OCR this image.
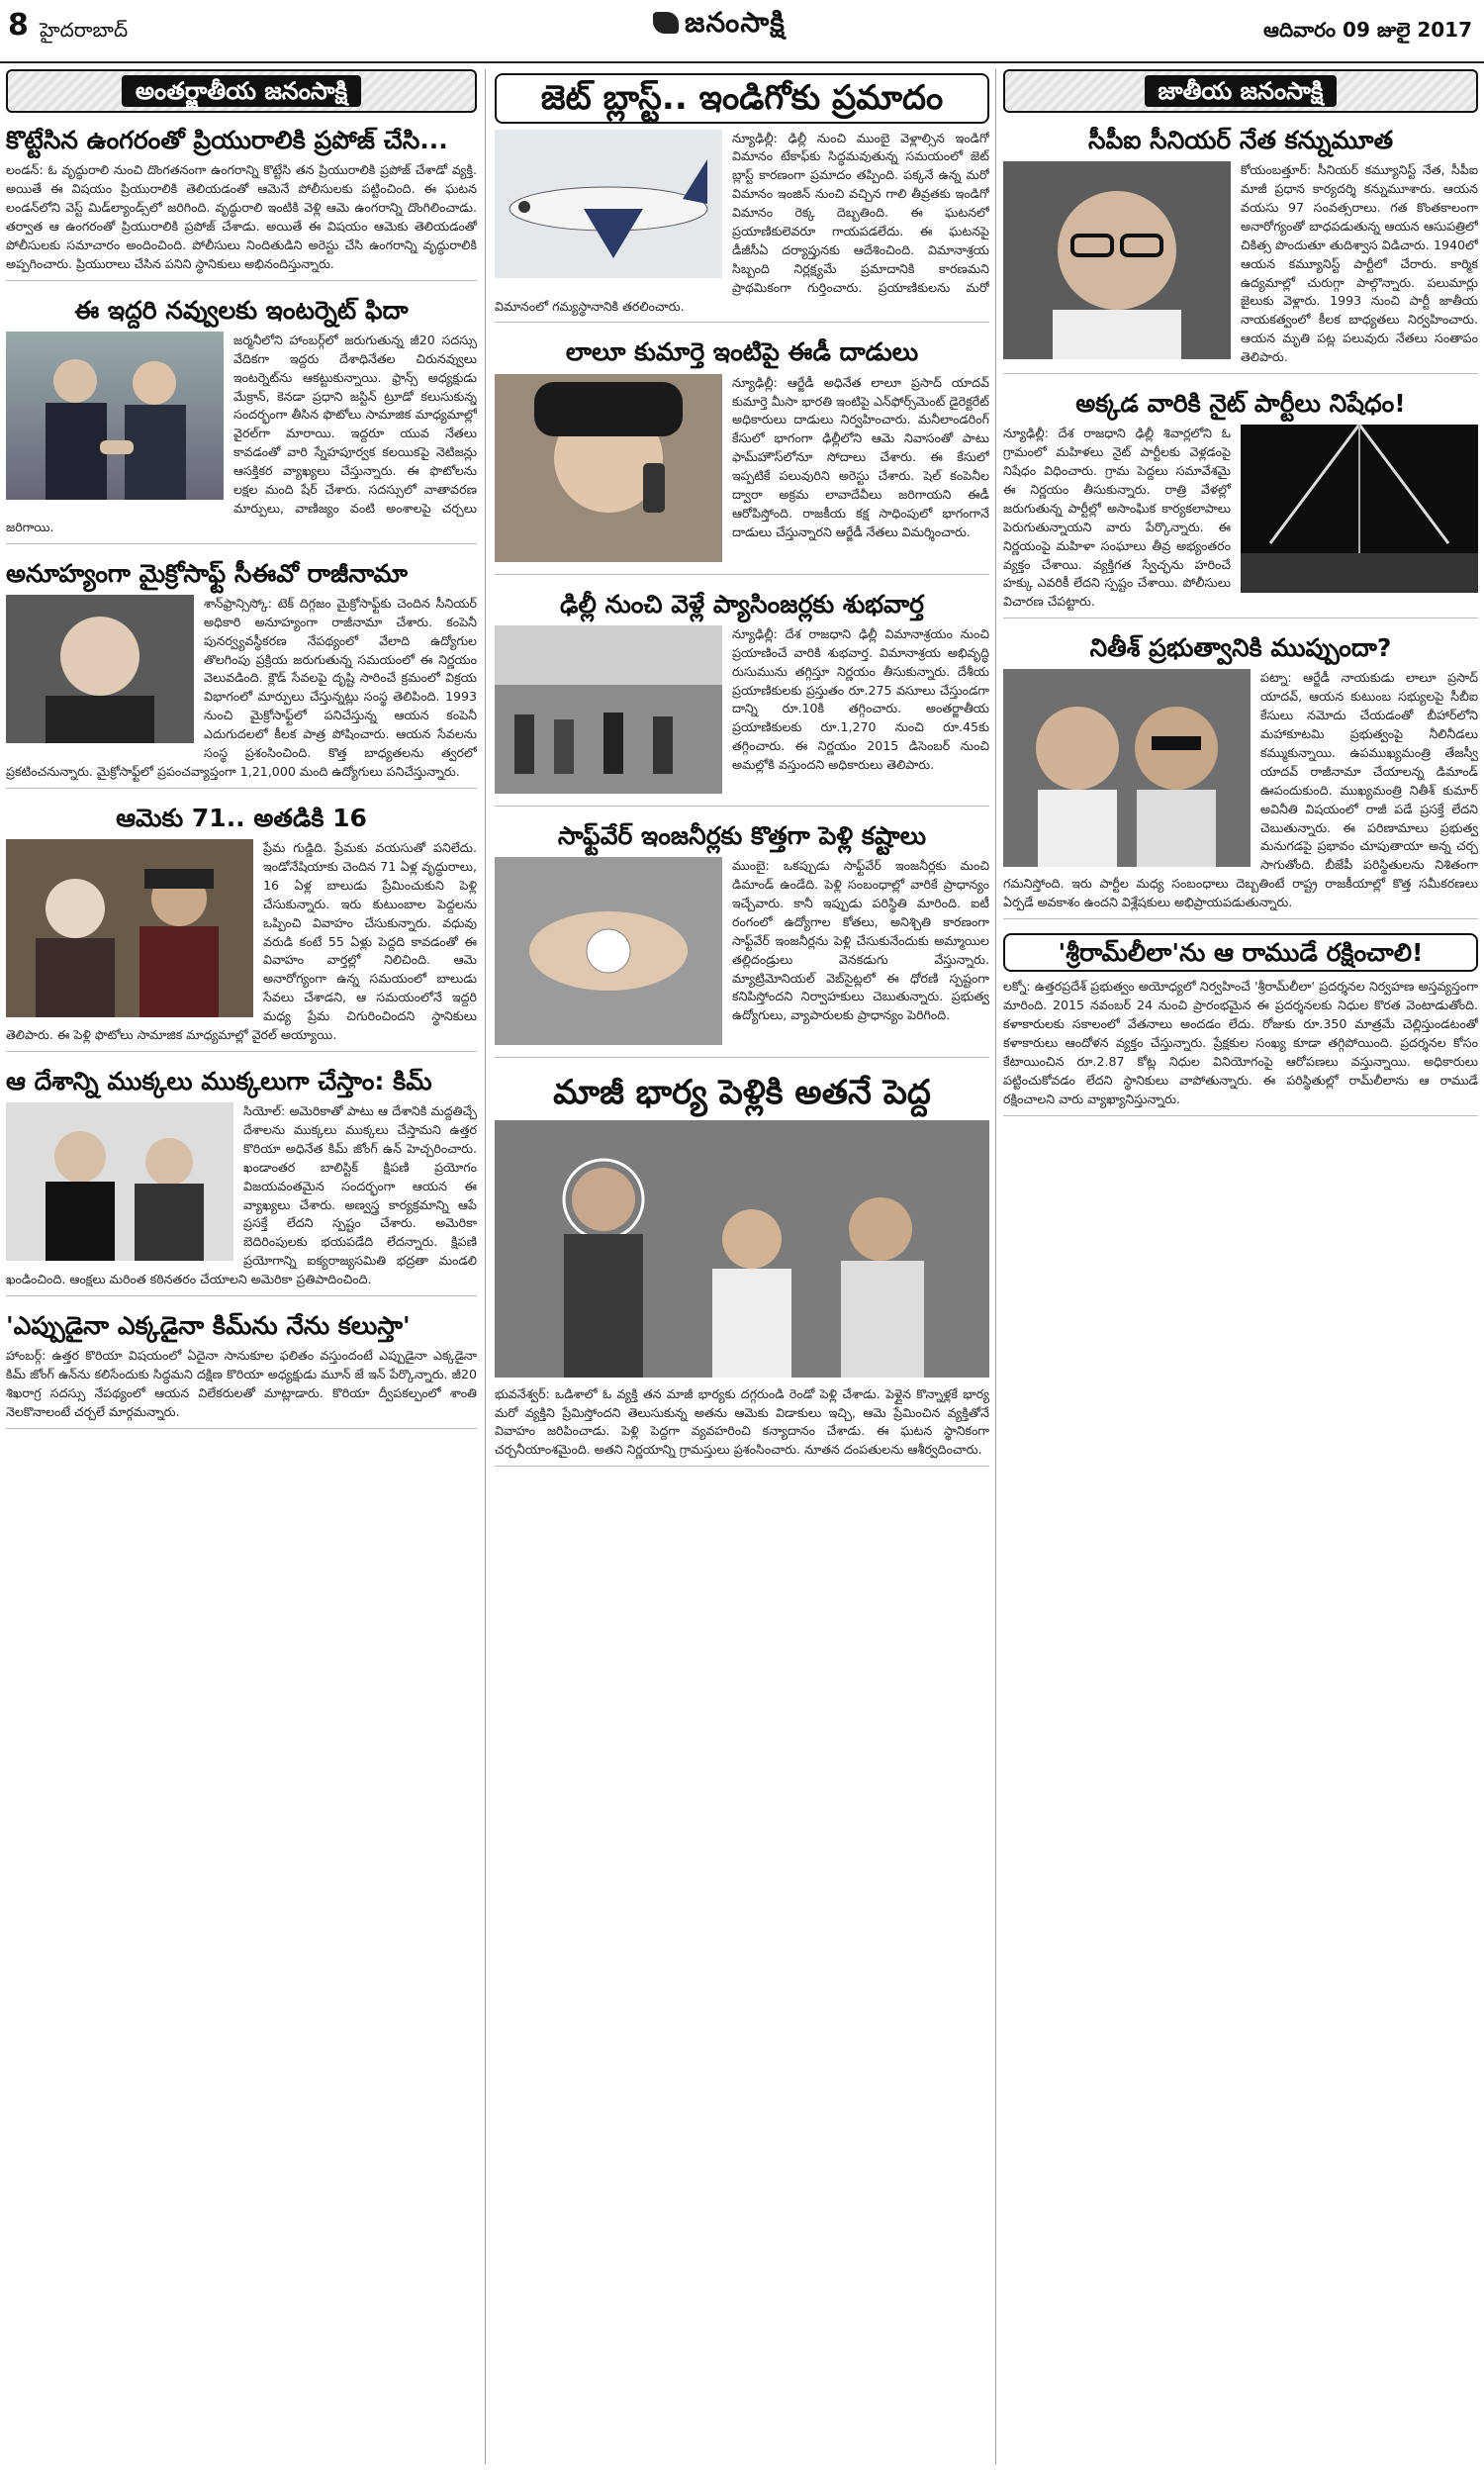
8 హైదరాబాద్	జనంసాక్షి	ఆదివారం 09 జులై 2017
అంతర్జాతీయ జనంసాక్షి
కొట్టేసిన ఉంగరంతో ప్రియురాలికి ప్రపోజ్‌ చేసి...
లండన్‌: ఓ వృద్ధురాలి నుంచి దొంగతనంగా ఉంగరాన్ని కొట్టేసి తన ప్రియురాలికి ప్రపోజ్‌ చేశాడో వ్యక్తి. అయితే ఈ విషయం ప్రియురాలికి తెలియడంతో ఆమెనే పోలీసులకు పట్టించింది. ఈ ఘటన లండన్‌లోని వెస్ట్‌ మిడ్‌ల్యాండ్స్‌లో జరిగింది. వృద్ధురాలి ఇంటికి వెళ్లి ఆమె ఉంగరాన్ని దొంగిలించాడు. తర్వాత ఆ ఉంగరంతో ప్రియురాలికి ప్రపోజ్‌ చేశాడు. అయితే ఈ విషయం ఆమెకు తెలియడంతో పోలీసులకు సమాచారం అందించింది. పోలీసులు నిందితుడిని అరెస్టు చేసి ఉంగరాన్ని వృద్ధురాలికి అప్పగించారు. ప్రియురాలు చేసిన పనిని స్థానికులు అభినందిస్తున్నారు.
ఈ ఇద్దరి నవ్వులకు ఇంటర్నెట్‌ ఫిదా
జర్మనీలోని హాంబర్గ్‌లో జరుగుతున్న జీ20 సదస్సు వేదికగా ఇద్దరు దేశాధినేతల చిరునవ్వులు ఇంటర్నెట్‌ను ఆకట్టుకున్నాయి. ఫ్రాన్స్‌ అధ్యక్షుడు మేక్రాన్‌, కెనడా ప్రధాని జస్టిన్‌ ట్రూడో కలుసుకున్న సందర్భంగా తీసిన ఫొటోలు సామాజిక మాధ్యమాల్లో వైరల్‌గా మారాయి. ఇద్దరూ యువ నేతలు కావడంతో వారి స్నేహపూర్వక కలయికపై నెటిజన్లు ఆసక్తికర వ్యాఖ్యలు చేస్తున్నారు. ఈ ఫొటోలను లక్షల మంది షేర్‌ చేశారు. సదస్సులో వాతావరణ మార్పులు, వాణిజ్యం వంటి అంశాలపై చర్చలు జరిగాయి.
అనూహ్యంగా మైక్రోసాఫ్ట్‌ సీఈవో రాజీనామా
శాన్‌ఫ్రాన్సిస్కో: టెక్‌ దిగ్గజం మైక్రోసాఫ్ట్‌కు చెందిన సీనియర్‌ అధికారి అనూహ్యంగా రాజీనామా చేశారు. కంపెనీ పునర్వ్యవస్థీకరణ నేపథ్యంలో వేలాది ఉద్యోగుల తొలగింపు ప్రక్రియ జరుగుతున్న సమయంలో ఈ నిర్ణయం వెలువడింది. క్లౌడ్‌ సేవలపై దృష్టి సారించే క్రమంలో విక్రయ విభాగంలో మార్పులు చేస్తున్నట్లు సంస్థ తెలిపింది. 1993 నుంచి మైక్రోసాఫ్ట్‌లో పనిచేస్తున్న ఆయన కంపెనీ ఎదుగుదలలో కీలక పాత్ర పోషించారు. ఆయన సేవలను సంస్థ ప్రశంసించింది. కొత్త బాధ్యతలను త్వరలో ప్రకటించనున్నారు. మైక్రోసాఫ్ట్‌లో ప్రపంచవ్యాప్తంగా 1,21,000 మంది ఉద్యోగులు పనిచేస్తున్నారు.
ఆమెకు 71.. అతడికి 16
ప్రేమ గుడ్డిది. ప్రేమకు వయసుతో పనిలేదు. ఇండోనేషియాకు చెందిన 71 ఏళ్ల వృద్ధురాలు, 16 ఏళ్ల బాలుడు ప్రేమించుకుని పెళ్లి చేసుకున్నారు. ఇరు కుటుంబాల పెద్దలను ఒప్పించి వివాహం చేసుకున్నారు. వధువు వరుడి కంటే 55 ఏళ్లు పెద్దది కావడంతో ఈ వివాహం వార్తల్లో నిలిచింది. ఆమె అనారోగ్యంగా ఉన్న సమయంలో బాలుడు సేవలు చేశాడని, ఆ సమయంలోనే ఇద్దరి మధ్య ప్రేమ చిగురించిందని స్థానికులు తెలిపారు. ఈ పెళ్లి ఫొటోలు సామాజిక మాధ్యమాల్లో వైరల్‌ అయ్యాయి.
ఆ దేశాన్ని ముక్కలు ముక్కలుగా చేస్తాం: కిమ్‌
సియోల్‌: అమెరికాతో పాటు ఆ దేశానికి మద్దతిచ్చే దేశాలను ముక్కలు ముక్కలు చేస్తామని ఉత్తర కొరియా అధినేత కిమ్‌ జోంగ్‌ ఉన్‌ హెచ్చరించారు. ఖండాంతర బాలిస్టిక్‌ క్షిపణి ప్రయోగం విజయవంతమైన సందర్భంగా ఆయన ఈ వ్యాఖ్యలు చేశారు. అణ్వస్త్ర కార్యక్రమాన్ని ఆపే ప్రసక్తే లేదని స్పష్టం చేశారు. అమెరికా బెదిరింపులకు భయపడేది లేదన్నారు. క్షిపణి ప్రయోగాన్ని ఐక్యరాజ్యసమితి భద్రతా మండలి ఖండించింది. ఆంక్షలు మరింత కఠినతరం చేయాలని అమెరికా ప్రతిపాదించింది.
'ఎప్పుడైనా ఎక్కడైనా కిమ్‌ను నేను కలుస్తా'
హాంబర్గ్‌: ఉత్తర కొరియా విషయంలో ఏదైనా సానుకూల ఫలితం వస్తుందంటే ఎప్పుడైనా ఎక్కడైనా కిమ్‌ జోంగ్‌ ఉన్‌ను కలిసేందుకు సిద్ధమని దక్షిణ కొరియా అధ్యక్షుడు మూన్‌ జే ఇన్‌ పేర్కొన్నారు. జీ20 శిఖరాగ్ర సదస్సు నేపథ్యంలో ఆయన విలేకరులతో మాట్లాడారు. కొరియా ద్వీపకల్పంలో శాంతి నెలకొనాలంటే చర్చలే మార్గమన్నారు.
జెట్‌ బ్లాస్ట్‌.. ఇండిగోకు ప్రమాదం
న్యూఢిల్లీ: ఢిల్లీ నుంచి ముంబై వెళ్లాల్సిన ఇండిగో విమానం టేకాఫ్‌కు సిద్ధమవుతున్న సమయంలో జెట్‌ బ్లాస్ట్‌ కారణంగా ప్రమాదం తప్పింది. పక్కనే ఉన్న మరో విమానం ఇంజిన్‌ నుంచి వచ్చిన గాలి తీవ్రతకు ఇండిగో విమానం రెక్క దెబ్బతింది. ఈ ఘటనలో ప్రయాణికులెవరూ గాయపడలేదు. ఈ ఘటనపై డీజీసీఏ దర్యాప్తునకు ఆదేశించింది. విమానాశ్రయ సిబ్బంది నిర్లక్ష్యమే ప్రమాదానికి కారణమని ప్రాథమికంగా గుర్తించారు. ప్రయాణికులను మరో విమానంలో గమ్యస్థానానికి తరలించారు.
లాలూ కుమార్తె ఇంటిపై ఈడీ దాడులు
న్యూఢిల్లీ: ఆర్జేడీ అధినేత లాలూ ప్రసాద్‌ యాదవ్‌ కుమార్తె మీసా భారతి ఇంటిపై ఎన్‌ఫోర్స్‌మెంట్‌ డైరెక్టరేట్‌ అధికారులు దాడులు నిర్వహించారు. మనీలాండరింగ్‌ కేసులో భాగంగా ఢిల్లీలోని ఆమె నివాసంతో పాటు ఫామ్‌హౌస్‌లోనూ సోదాలు చేశారు. ఈ కేసులో ఇప్పటికే పలువురిని అరెస్టు చేశారు. షెల్‌ కంపెనీల ద్వారా అక్రమ లావాదేవీలు జరిగాయని ఈడీ ఆరోపిస్తోంది. రాజకీయ కక్ష సాధింపులో భాగంగానే దాడులు చేస్తున్నారని ఆర్జేడీ నేతలు విమర్శించారు.
ఢిల్లీ నుంచి వెళ్లే ప్యాసింజర్లకు శుభవార్త
న్యూఢిల్లీ: దేశ రాజధాని ఢిల్లీ విమానాశ్రయం నుంచి ప్రయాణించే వారికి శుభవార్త. విమానాశ్రయ అభివృద్ధి రుసుమును తగ్గిస్తూ నిర్ణయం తీసుకున్నారు. దేశీయ ప్రయాణికులకు ప్రస్తుతం రూ.275 వసూలు చేస్తుండగా దాన్ని రూ.10కి తగ్గించారు. అంతర్జాతీయ ప్రయాణికులకు రూ.1,270 నుంచి రూ.45కు తగ్గించారు. ఈ నిర్ణయం 2015 డిసెంబర్‌ నుంచి అమల్లోకి వస్తుందని అధికారులు తెలిపారు.
సాఫ్ట్‌వేర్‌ ఇంజనీర్లకు కొత్తగా పెళ్లి కష్టాలు
ముంబై: ఒకప్పుడు సాఫ్ట్‌వేర్‌ ఇంజనీర్లకు మంచి డిమాండ్‌ ఉండేది. పెళ్లి సంబంధాల్లో వారికే ప్రాధాన్యం ఇచ్చేవారు. కానీ ఇప్పుడు పరిస్థితి మారింది. ఐటీ రంగంలో ఉద్యోగాల కోతలు, అనిశ్చితి కారణంగా సాఫ్ట్‌వేర్‌ ఇంజనీర్లను పెళ్లి చేసుకునేందుకు అమ్మాయిల తల్లిదండ్రులు వెనకడుగు వేస్తున్నారు. మ్యాట్రిమోనియల్‌ వెబ్‌సైట్లలో ఈ ధోరణి స్పష్టంగా కనిపిస్తోందని నిర్వాహకులు చెబుతున్నారు. ప్రభుత్వ ఉద్యోగులు, వ్యాపారులకు ప్రాధాన్యం పెరిగింది.
మాజీ భార్య పెళ్లికి అతనే పెద్ద
భువనేశ్వర్‌: ఒడిశాలో ఓ వ్యక్తి తన మాజీ భార్యకు దగ్గరుండి రెండో పెళ్లి చేశాడు. పెళ్లైన కొన్నాళ్లకే భార్య మరో వ్యక్తిని ప్రేమిస్తోందని తెలుసుకున్న అతను ఆమెకు విడాకులు ఇచ్చి, ఆమె ప్రేమించిన వ్యక్తితోనే వివాహం జరిపించాడు. పెళ్లి పెద్దగా వ్యవహరించి కన్యాదానం చేశాడు. ఈ ఘటన స్థానికంగా చర్చనీయాంశమైంది. అతని నిర్ణయాన్ని గ్రామస్తులు ప్రశంసించారు. నూతన దంపతులను ఆశీర్వదించారు.
జాతీయ జనంసాక్షి
సీపీఐ సీనియర్‌ నేత కన్నుమూత
కోయంబత్తూర్‌: సీనియర్‌ కమ్యూనిస్ట్‌ నేత, సీపీఐ మాజీ ప్రధాన కార్యదర్శి కన్నుమూశారు. ఆయన వయసు 97 సంవత్సరాలు. గత కొంతకాలంగా అనారోగ్యంతో బాధపడుతున్న ఆయన ఆసుపత్రిలో చికిత్స పొందుతూ తుదిశ్వాస విడిచారు. 1940లో ఆయన కమ్యూనిస్ట్‌ పార్టీలో చేరారు. కార్మిక ఉద్యమాల్లో చురుగ్గా పాల్గొన్నారు. పలుమార్లు జైలుకు వెళ్లారు. 1993 నుంచి పార్టీ జాతీయ నాయకత్వంలో కీలక బాధ్యతలు నిర్వహించారు. ఆయన మృతి పట్ల పలువురు నేతలు సంతాపం తెలిపారు.
అక్కడ వారికి నైట్‌ పార్టీలు నిషేధం!
న్యూఢిల్లీ: దేశ రాజధాని ఢిల్లీ శివార్లలోని ఓ గ్రామంలో మహిళలు నైట్‌ పార్టీలకు వెళ్లడంపై నిషేధం విధించారు. గ్రామ పెద్దలు సమావేశమై ఈ నిర్ణయం తీసుకున్నారు. రాత్రి వేళల్లో జరుగుతున్న పార్టీల్లో అసాంఘిక కార్యకలాపాలు పెరుగుతున్నాయని వారు పేర్కొన్నారు. ఈ నిర్ణయంపై మహిళా సంఘాలు తీవ్ర అభ్యంతరం వ్యక్తం చేశాయి. వ్యక్తిగత స్వేచ్ఛను హరించే హక్కు ఎవరికీ లేదని స్పష్టం చేశాయి. పోలీసులు విచారణ చేపట్టారు.
నితీశ్‌ ప్రభుత్వానికి ముప్పుందా?
పట్నా: ఆర్జేడీ నాయకుడు లాలూ ప్రసాద్‌ యాదవ్‌, ఆయన కుటుంబ సభ్యులపై సీబీఐ కేసులు నమోదు చేయడంతో బీహార్‌లోని మహాకూటమి ప్రభుత్వంపై నీలినీడలు కమ్ముకున్నాయి. ఉపముఖ్యమంత్రి తేజస్వీ యాదవ్‌ రాజీనామా చేయాలన్న డిమాండ్‌ ఊపందుకుంది. ముఖ్యమంత్రి నితీశ్‌ కుమార్‌ అవినీతి విషయంలో రాజీ పడే ప్రసక్తే లేదని చెబుతున్నారు. ఈ పరిణామాలు ప్రభుత్వ మనుగడపై ప్రభావం చూపుతాయా అన్న చర్చ సాగుతోంది. బీజేపీ పరిస్థితులను నిశితంగా గమనిస్తోంది. ఇరు పార్టీల మధ్య సంబంధాలు దెబ్బతింటే రాష్ట్ర రాజకీయాల్లో కొత్త సమీకరణలు ఏర్పడే అవకాశం ఉందని విశ్లేషకులు అభిప్రాయపడుతున్నారు.
'శ్రీరామ్‌లీలా'ను ఆ రాముడే రక్షించాలి!
లక్నో: ఉత్తరప్రదేశ్‌ ప్రభుత్వం అయోధ్యలో నిర్వహించే 'శ్రీరామ్‌లీలా' ప్రదర్శనల నిర్వహణ అస్తవ్యస్తంగా మారింది. 2015 నవంబర్‌ 24 నుంచి ప్రారంభమైన ఈ ప్రదర్శనలకు నిధుల కొరత వెంటాడుతోంది. కళాకారులకు సకాలంలో వేతనాలు అందడం లేదు. రోజుకు రూ.350 మాత్రమే చెల్లిస్తుండటంతో కళాకారులు ఆందోళన వ్యక్తం చేస్తున్నారు. ప్రేక్షకుల సంఖ్య కూడా తగ్గిపోయింది. ప్రదర్శనల కోసం కేటాయించిన రూ.2.87 కోట్ల నిధుల వినియోగంపై ఆరోపణలు వస్తున్నాయి. అధికారులు పట్టించుకోవడం లేదని స్థానికులు వాపోతున్నారు. ఈ పరిస్థితుల్లో రామ్‌లీలాను ఆ రాముడే రక్షించాలని వారు వ్యాఖ్యానిస్తున్నారు.
